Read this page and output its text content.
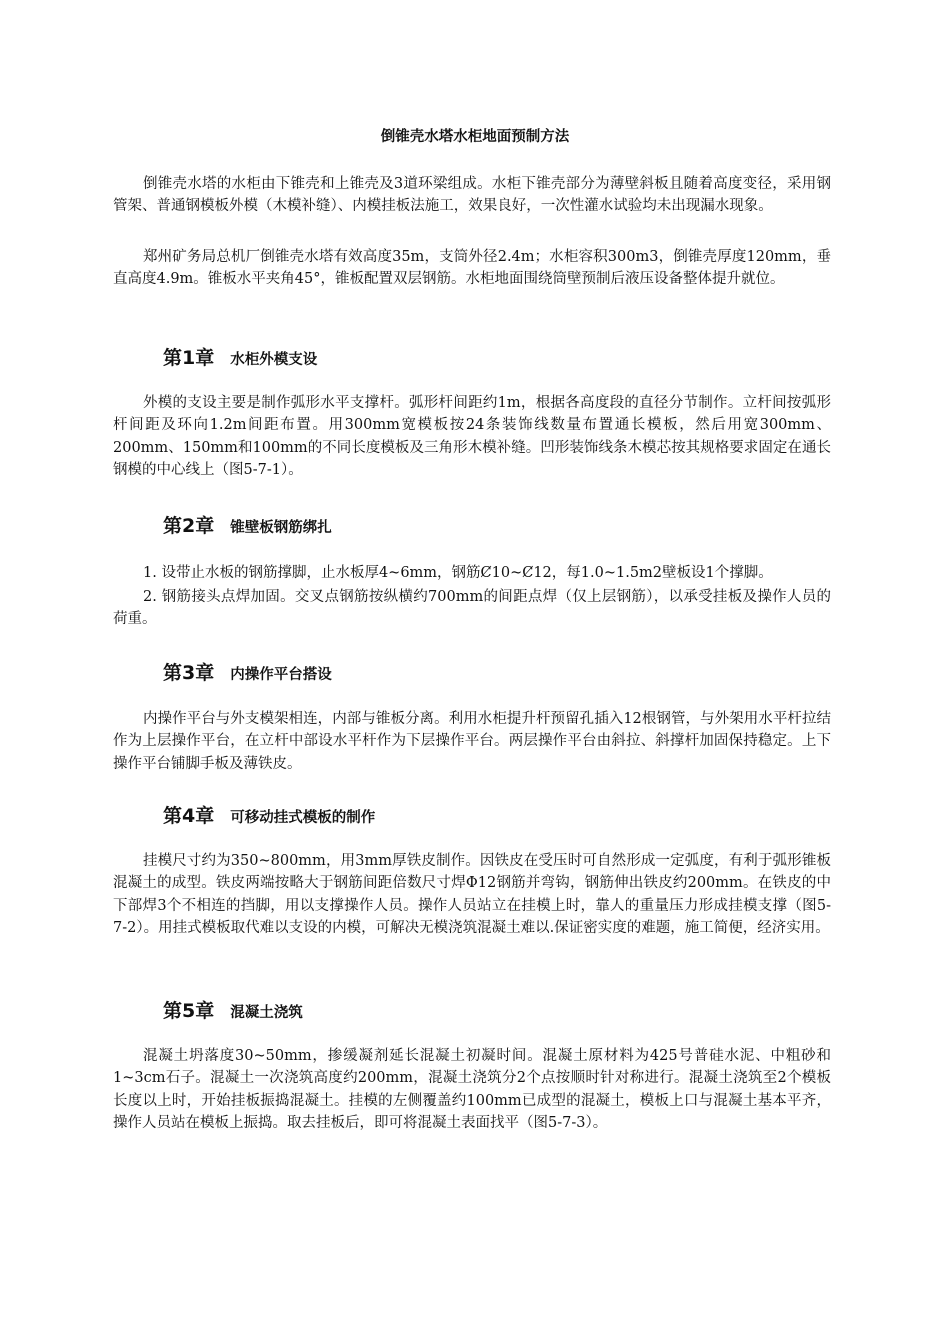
倒锥壳水塔水柜地面预制方法

倒锥壳水塔的水柜由下锥壳和上锥壳及3道环梁组成。水柜下锥壳部分为薄壁斜板且随着高度变径，采用钢管架、普通钢模板外模（木模补缝）、内模挂板法施工，效果良好，一次性灌水试验均未出现漏水现象。

郑州矿务局总机厂倒锥壳水塔有效高度35m，支筒外径2.4m；水柜容积300m3，倒锥壳厚度120mm，垂直高度4.9m。锥板水平夹角45°，锥板配置双层钢筋。水柜地面围绕筒壁预制后液压设备整体提升就位。

第1章 水柜外模支设

外模的支设主要是制作弧形水平支撑杆。弧形杆间距约1m，根据各高度段的直径分节制作。立杆间按弧形杆间距及环向1.2m间距布置。用300mm宽模板按24条装饰线数量布置通长模板，然后用宽300mm、200mm、150mm和100mm的不同长度模板及三角形木模补缝。凹形装饰线条木模芯按其规格要求固定在通长钢模的中心线上（图5-7-1）。

第2章 锥壁板钢筋绑扎

1. 设带止水板的钢筋撑脚，止水板厚4~6mm，钢筋Ȼ10~Ȼ12，每1.0~1.5m2壁板设1个撑脚。

2. 钢筋接头点焊加固。交叉点钢筋按纵横约700mm的间距点焊（仅上层钢筋），以承受挂板及操作人员的荷重。

第3章 内操作平台搭设

内操作平台与外支模架相连，内部与锥板分离。利用水柜提升杆预留孔插入12根钢管，与外架用水平杆拉结作为上层操作平台，在立杆中部设水平杆作为下层操作平台。两层操作平台由斜拉、斜撑杆加固保持稳定。上下操作平台铺脚手板及薄铁皮。

第4章 可移动挂式模板的制作

挂模尺寸约为350~800mm，用3mm厚铁皮制作。因铁皮在受压时可自然形成一定弧度，有利于弧形锥板混凝土的成型。铁皮两端按略大于钢筋间距倍数尺寸焊Φ12钢筋并弯钩，钢筋伸出铁皮约200mm。在铁皮的中下部焊3个不相连的挡脚，用以支撑操作人员。操作人员站立在挂模上时，靠人的重量压力形成挂模支撑（图5-7-2）。用挂式模板取代难以支设的内模，可解决无模浇筑混凝土难以.保证密实度的难题，施工简便，经济实用。

第5章 混凝土浇筑

混凝土坍落度30~50mm，掺缓凝剂延长混凝土初凝时间。混凝土原材料为425号普硅水泥、中粗砂和1~3cm石子。混凝土一次浇筑高度约200mm，混凝土浇筑分2个点按顺时针对称进行。混凝土浇筑至2个模板长度以上时，开始挂板振捣混凝土。挂模的左侧覆盖约100mm已成型的混凝土，模板上口与混凝土基本平齐，操作人员站在模板上振捣。取去挂板后，即可将混凝土表面找平（图5-7-3）。
